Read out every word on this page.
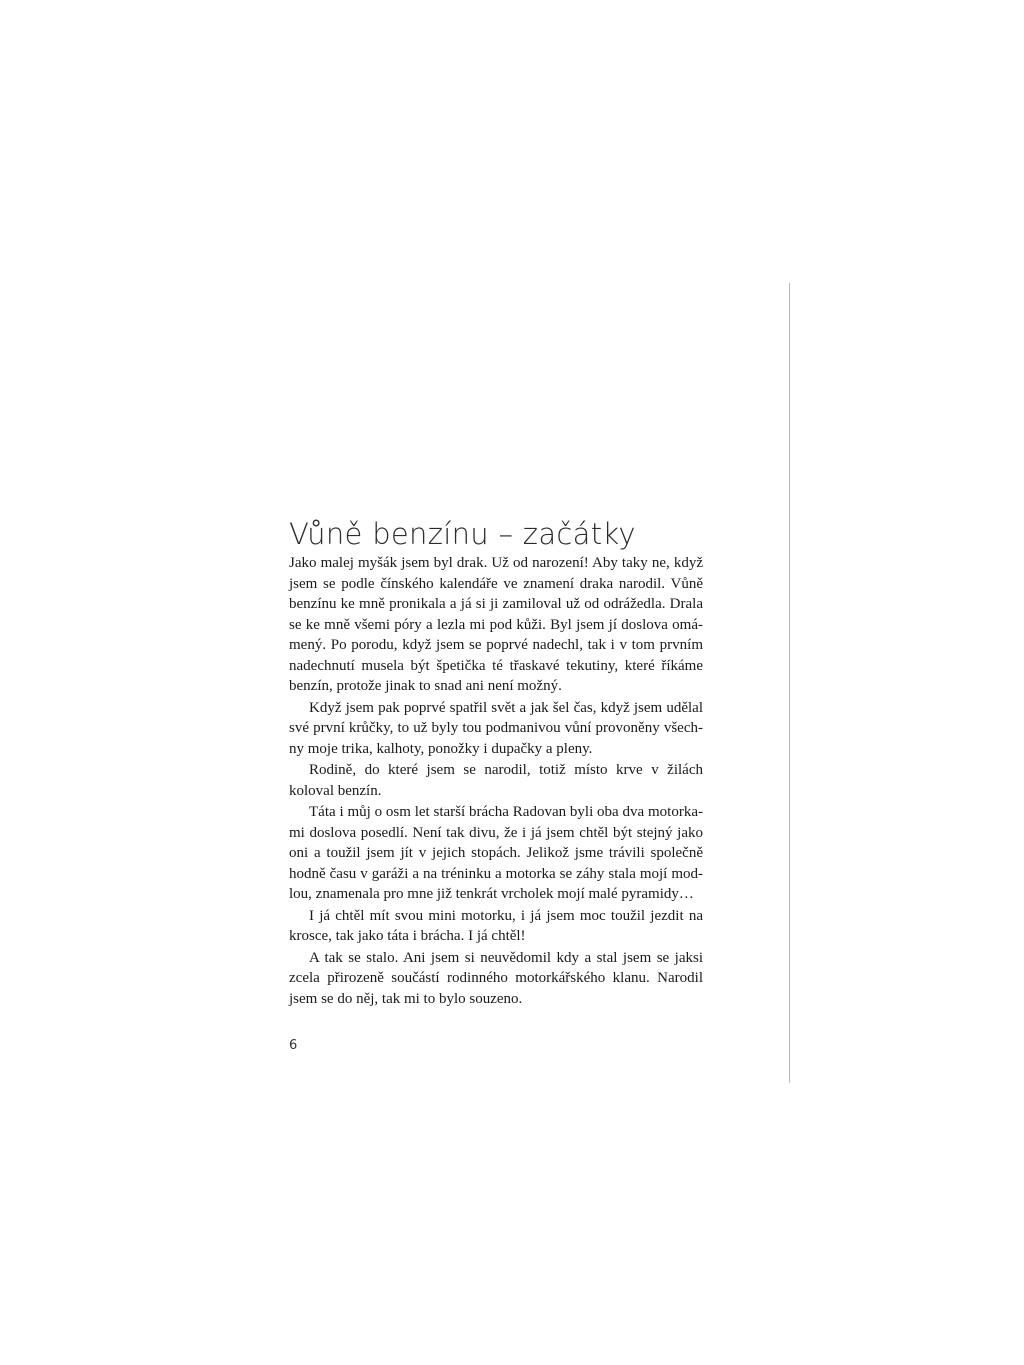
Vůně benzínu – začátky

Jako malej myšák jsem byl drak. Už od narození! Aby taky ne, když jsem se podle čínského kalendáře ve znamení draka narodil. Vůně benzínu ke mně pronikala a já si ji zamiloval už od odrážedla. Drala se ke mně všemi póry a lezla mi pod kůži. Byl jsem jí doslova omámený. Po porodu, když jsem se poprvé nadechl, tak i v tom prvním nadechnutí musela být špetička té třaskavé tekutiny, které říkáme benzín, protože jinak to snad ani není možný.

Když jsem pak poprvé spatřil svět a jak šel čas, když jsem udělal své první krůčky, to už byly tou podmanivou vůní provoněny všechny moje trika, kalhoty, ponožky i dupačky a pleny.

Rodině, do které jsem se narodil, totiž místo krve v žilách koloval benzín.

Táta i můj o osm let starší brácha Radovan byli oba dva motorkami doslova posedlí. Není tak divu, že i já jsem chtěl být stejný jako oni a toužil jsem jít v jejich stopách. Jelikož jsme trávili společně hodně času v garáži a na tréninku a motorka se záhy stala mojí modlou, znamenala pro mne již tenkrát vrcholek mojí malé pyramidy…

I já chtěl mít svou mini motorku, i já jsem moc toužil jezdit na krosce, tak jako táta i brácha. I já chtěl!

A tak se stalo. Ani jsem si neuvědomil kdy a stal jsem se jaksi zcela přirozeně součástí rodinného motorkářského klanu. Narodil jsem se do něj, tak mi to bylo souzeno.

6
